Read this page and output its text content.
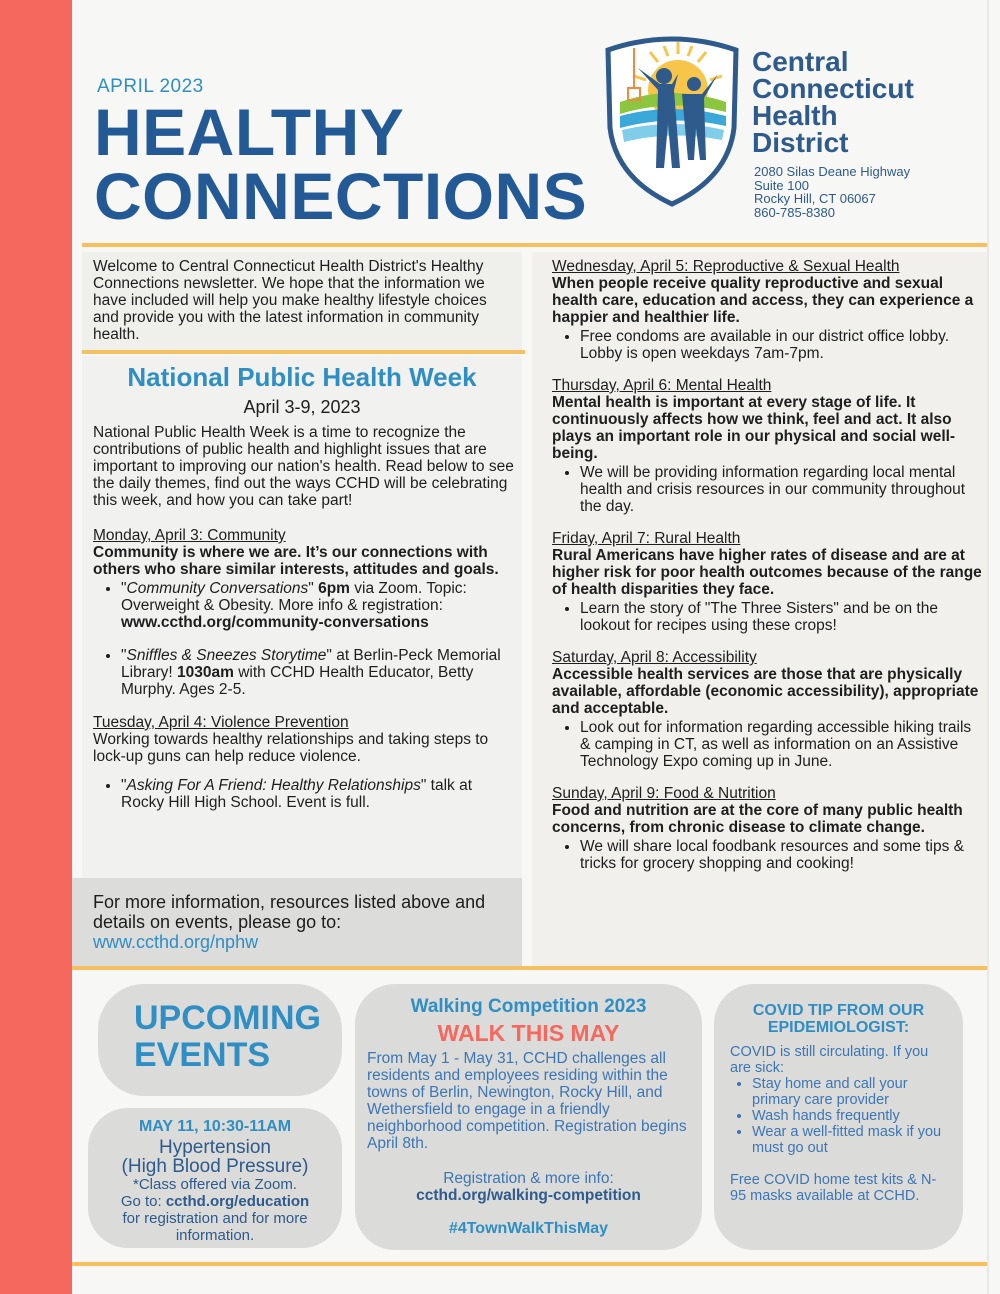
APRIL 2023
HEALTHY
CONNECTIONS
Central
Connecticut
Health
District
2080 Silas Deane Highway
Suite 100
Rocky Hill, CT 06067
860-785-8380
Welcome to Central Connecticut Health District's Healthy Connections newsletter. We hope that the information we have included will help you make healthy lifestyle choices and provide you with the latest information in community health.
National Public Health Week
April 3-9, 2023

National Public Health Week is a time to recognize the contributions of public health and highlight issues that are important to improving our nation's health. Read below to see the daily themes, find out the ways CCHD will be celebrating this week, and how you can take part!

Monday, April 3: Community

Community is where we are. It’s our connections with others who share similar interests, attitudes and goals.

• "Community Conversations" 6pm via Zoom. Topic: Overweight & Obesity. More info & registration:
www.ccthd.org/community-conversations
• "Sniffles & Sneezes Storytime" at Berlin-Peck Memorial Library! 1030am with CCHD Health Educator, Betty Murphy. Ages 2-5.
Tuesday, April 4: Violence Prevention

Working towards healthy relationships and taking steps to lock-up guns can help reduce violence.

• "Asking For A Friend: Healthy Relationships" talk at Rocky Hill High School. Event is full.
For more information, resources listed above and details on events, please go to:
www.ccthd.org/nphw
Wednesday, April 5: Reproductive & Sexual Health

When people receive quality reproductive and sexual health care, education and access, they can experience a happier and healthier life.

• Free condoms are available in our district office lobby. Lobby is open weekdays 7am-7pm.
Thursday, April 6: Mental Health

Mental health is important at every stage of life. It continuously affects how we think, feel and act. It also plays an important role in our physical and social well-being.

• We will be providing information regarding local mental health and crisis resources in our community throughout the day.
Friday, April 7: Rural Health

Rural Americans have higher rates of disease and are at higher risk for poor health outcomes because of the range of health disparities they face.

• Learn the story of "The Three Sisters" and be on the lookout for recipes using these crops!
Saturday, April 8: Accessibility

Accessible health services are those that are physically available, affordable (economic accessibility), appropriate and acceptable.

• Look out for information regarding accessible hiking trails & camping in CT, as well as information on an Assistive Technology Expo coming up in June.
Sunday, April 9: Food & Nutrition

Food and nutrition are at the core of many public health concerns, from chronic disease to climate change.

• We will share local foodbank resources and some tips & tricks for grocery shopping and cooking!
UPCOMING
EVENTS
MAY 11, 10:30-11AM
Hypertension
(High Blood Pressure)
*Class offered via Zoom.
Go to: ccthd.org/education
for registration and for more information.
Walking Competition 2023
WALK THIS MAY
From May 1 - May 31, CCHD challenges all residents and employees residing within the towns of Berlin, Newington, Rocky Hill, and Wethersfield to engage in a friendly neighborhood competition. Registration begins April 8th.
Registration & more info:
ccthd.org/walking-competition
#4TownWalkThisMay
COVID TIP FROM OUR
EPIDEMIOLOGIST:
COVID is still circulating. If you are sick:
• Stay home and call your primary care provider
• Wash hands frequently
• Wear a well-fitted mask if you must go out
Free COVID home test kits & N-95 masks available at CCHD.
